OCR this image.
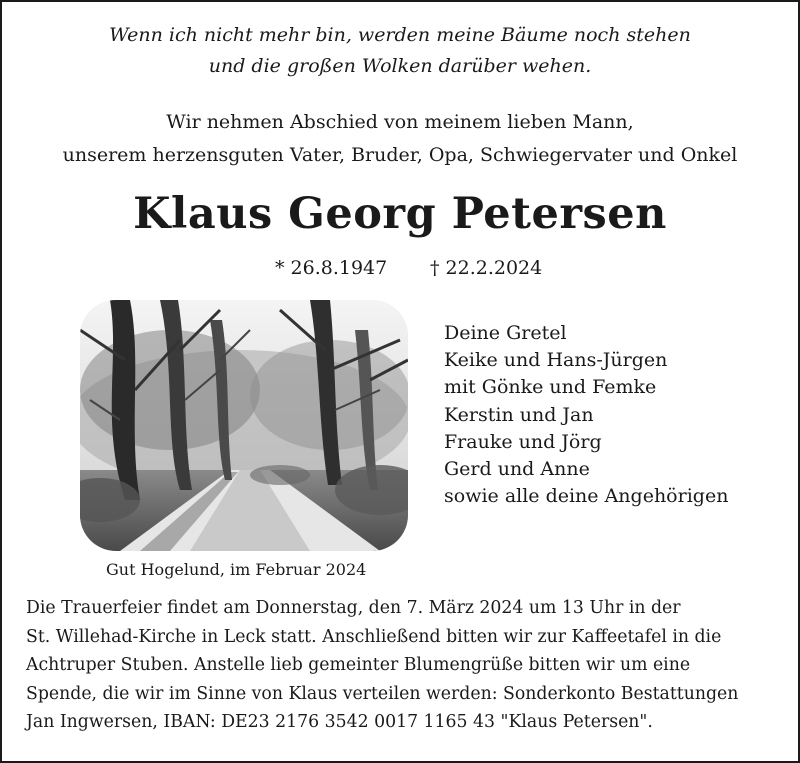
Wenn ich nicht mehr bin, werden meine Bäume noch stehen
und die großen Wolken darüber wehen.
Wir nehmen Abschied von meinem lieben Mann,
unserem herzensguten Vater, Bruder, Opa, Schwiegervater und Onkel
Klaus Georg Petersen
* 26.8.1947 † 22.2.2024
Gut Hogelund, im Februar 2024
Deine Gretel
Keike und Hans-Jürgen
mit Gönke und Femke
Kerstin und Jan
Frauke und Jörg
Gerd und Anne
sowie alle deine Angehörigen
Die Trauerfeier findet am Donnerstag, den 7. März 2024 um 13 Uhr in der
St. Willehad-Kirche in Leck statt. Anschließend bitten wir zur Kaffeetafel in die
Achtruper Stuben. Anstelle lieb gemeinter Blumengrüße bitten wir um eine
Spende, die wir im Sinne von Klaus verteilen werden: Sonderkonto Bestattungen
Jan Ingwersen, IBAN: DE23 2176 3542 0017 1165 43 "Klaus Petersen".
